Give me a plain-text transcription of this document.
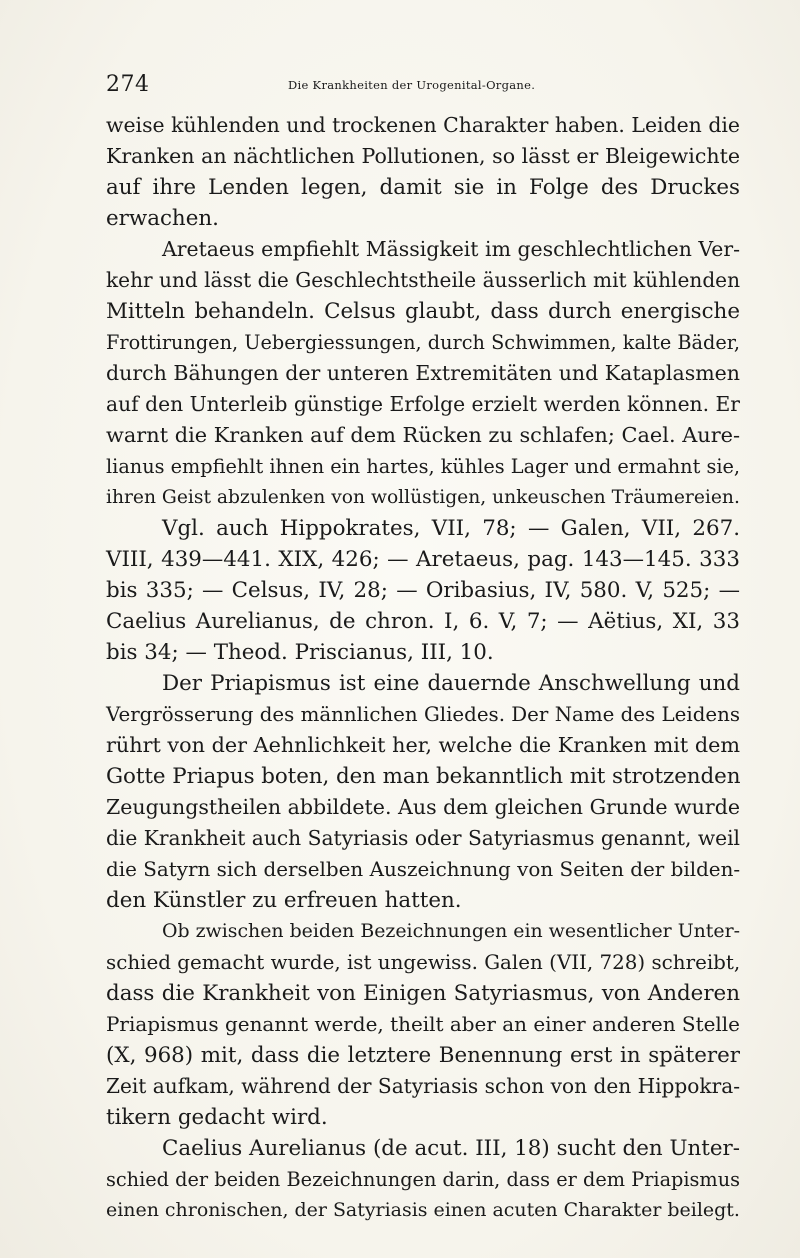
274	Die Krankheiten der Urogenital-Organe.
weise kühlenden und trockenen Charakter haben. Leiden die
Kranken an nächtlichen Pollutionen, so lässt er Bleigewichte
auf ihre Lenden legen, damit sie in Folge des Druckes
erwachen.
Aretaeus empfiehlt Mässigkeit im geschlechtlichen Ver-
kehr und lässt die Geschlechtstheile äusserlich mit kühlenden
Mitteln behandeln. Celsus glaubt, dass durch energische
Frottirungen, Uebergiessungen, durch Schwimmen, kalte Bäder,
durch Bähungen der unteren Extremitäten und Kataplasmen
auf den Unterleib günstige Erfolge erzielt werden können. Er
warnt die Kranken auf dem Rücken zu schlafen; Cael. Aure-
lianus empfiehlt ihnen ein hartes, kühles Lager und ermahnt sie,
ihren Geist abzulenken von wollüstigen, unkeuschen Träumereien.
Vgl. auch Hippokrates, VII, 78; — Galen, VII, 267.
VIII, 439—441. XIX, 426; — Aretaeus, pag. 143—145. 333
bis 335; — Celsus, IV, 28; — Oribasius, IV, 580. V, 525; —
Caelius Aurelianus, de chron. I, 6. V, 7; — Aëtius, XI, 33
bis 34; — Theod. Priscianus, III, 10.
Der Priapismus ist eine dauernde Anschwellung und
Vergrösserung des männlichen Gliedes. Der Name des Leidens
rührt von der Aehnlichkeit her, welche die Kranken mit dem
Gotte Priapus boten, den man bekanntlich mit strotzenden
Zeugungstheilen abbildete. Aus dem gleichen Grunde wurde
die Krankheit auch Satyriasis oder Satyriasmus genannt, weil
die Satyrn sich derselben Auszeichnung von Seiten der bilden-
den Künstler zu erfreuen hatten.
Ob zwischen beiden Bezeichnungen ein wesentlicher Unter-
schied gemacht wurde, ist ungewiss. Galen (VII, 728) schreibt,
dass die Krankheit von Einigen Satyriasmus, von Anderen
Priapismus genannt werde, theilt aber an einer anderen Stelle
(X, 968) mit, dass die letztere Benennung erst in späterer
Zeit aufkam, während der Satyriasis schon von den Hippokra-
tikern gedacht wird.
Caelius Aurelianus (de acut. III, 18) sucht den Unter-
schied der beiden Bezeichnungen darin, dass er dem Priapismus
einen chronischen, der Satyriasis einen acuten Charakter beilegt.
